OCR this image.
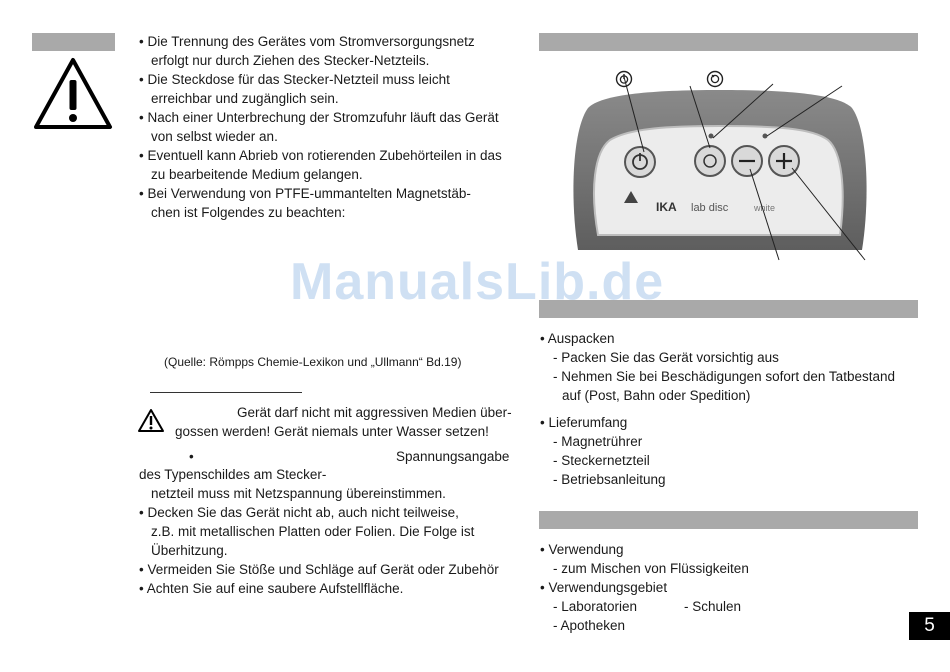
• Die Trennung des Gerätes vom Stromversorgungsnetz
erfolgt nur durch Ziehen des Stecker-Netzteils.
• Die Steckdose für das Stecker-Netzteil muss leicht
erreichbar und zugänglich sein.
• Nach einer Unterbrechung der Stromzufuhr läuft das Gerät
von selbst wieder an.
• Eventuell kann Abrieb von rotierenden Zubehörteilen in das
zu bearbeitende Medium gelangen.
• Bei Verwendung von PTFE-ummantelten Magnetstäb-
chen ist Folgendes zu beachten:
(Quelle: Römpps Chemie-Lexikon und „Ullmann“ Bd.19)
Gerät darf nicht mit aggressiven Medien über-
gossen werden! Gerät niemals unter Wasser setzen!
•	Spannungsangabe
des Typenschildes am Stecker-
netzteil muss mit Netzspannung übereinstimmen.
• Decken Sie das Gerät nicht ab, auch nicht teilweise,
z.B. mit metallischen Platten oder Folien. Die Folge ist
Überhitzung.
• Vermeiden Sie Stöße und Schläge auf Gerät oder Zubehör
• Achten Sie auf eine saubere Aufstellfläche.
IKA lab disc	white
ManualsLib.de
• Auspacken
- Packen Sie das Gerät vorsichtig aus
- Nehmen Sie bei Beschädigungen sofort den Tatbestand
auf (Post, Bahn oder Spedition)
• Lieferumfang
- Magnetrührer
- Steckernetzteil
- Betriebsanleitung
• Verwendung
- zum Mischen von Flüssigkeiten
• Verwendungsgebiet
- Laboratorien	- Schulen
- Apotheken	5
